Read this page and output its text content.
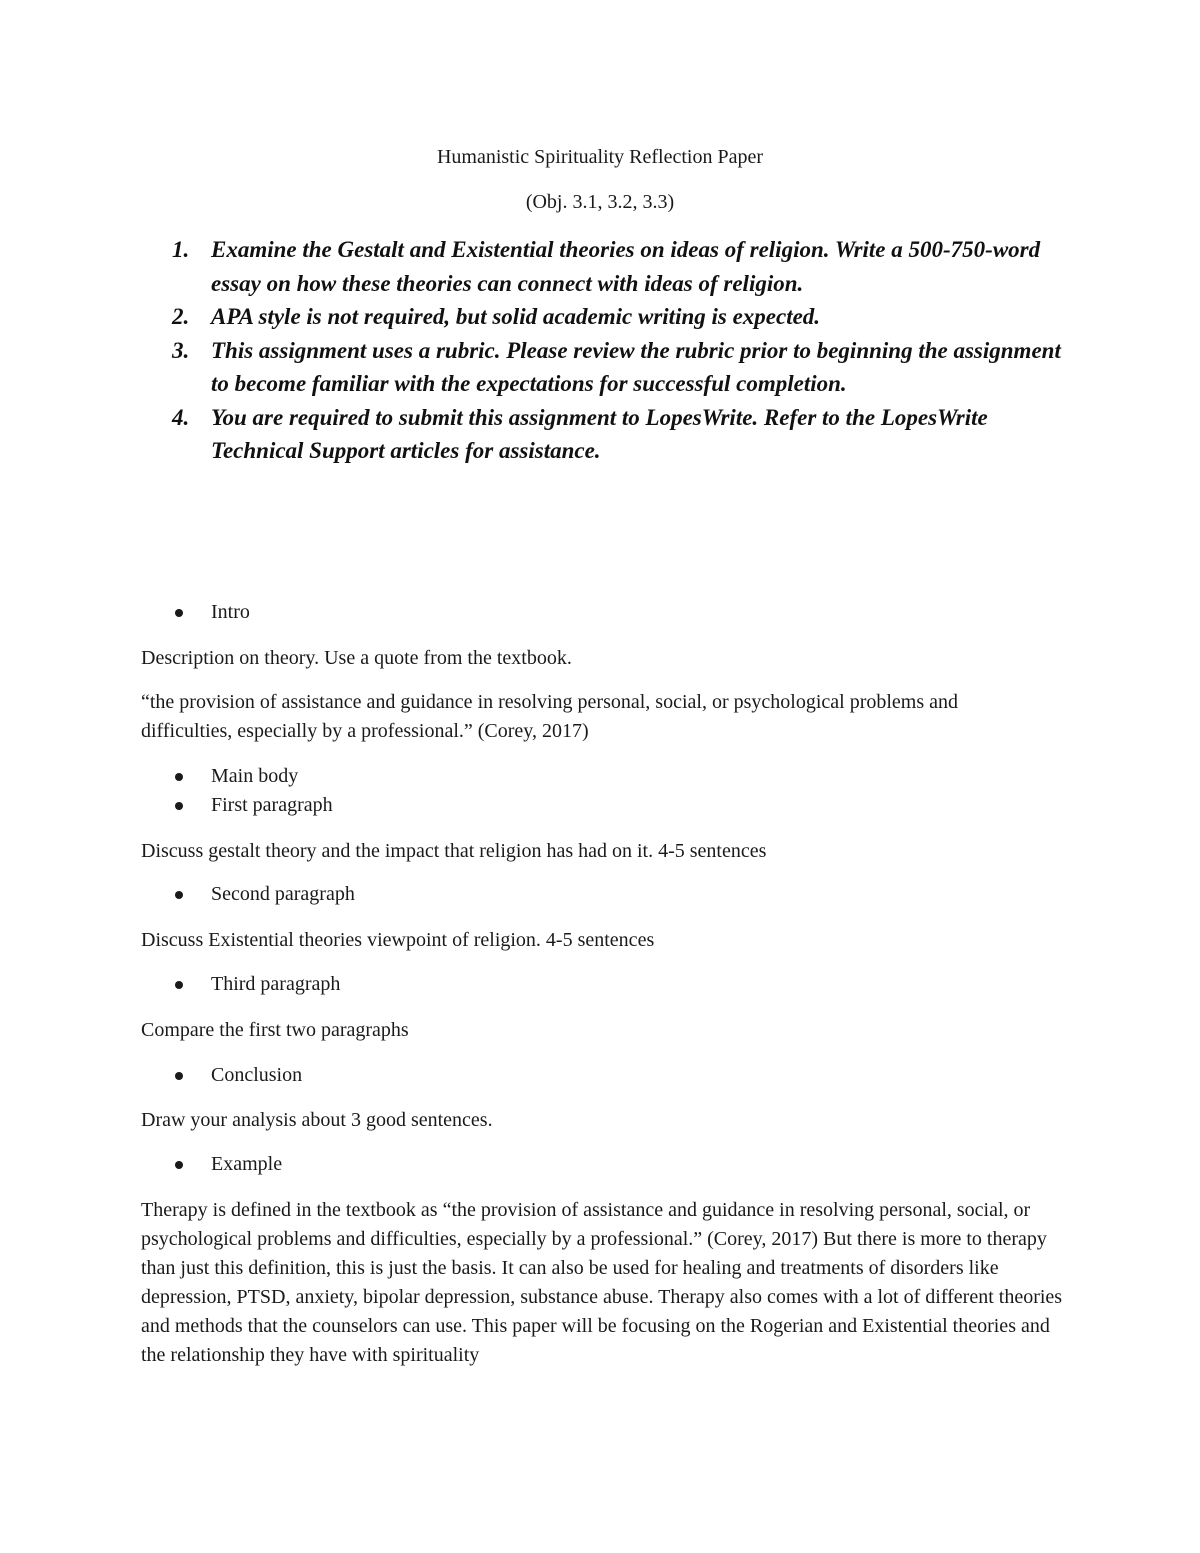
Humanistic Spirituality Reflection Paper
(Obj. 3.1, 3.2, 3.3)
1. Examine the Gestalt and Existential theories on ideas of religion. Write a 500-750-word essay on how these theories can connect with ideas of religion.
2. APA style is not required, but solid academic writing is expected.
3. This assignment uses a rubric. Please review the rubric prior to beginning the assignment to become familiar with the expectations for successful completion.
4. You are required to submit this assignment to LopesWrite. Refer to the LopesWrite Technical Support articles for assistance.
Intro
Description on theory. Use a quote from the textbook.
“the provision of assistance and guidance in resolving personal, social, or psychological problems and difficulties, especially by a professional.” (Corey, 2017)
Main body
First paragraph
Discuss gestalt theory and the impact that religion has had on it. 4-5 sentences
Second paragraph
Discuss Existential theories viewpoint of religion. 4-5 sentences
Third paragraph
Compare the first two paragraphs
Conclusion
Draw your analysis about 3 good sentences.
Example
Therapy is defined in the textbook as “the provision of assistance and guidance in resolving personal, social, or psychological problems and difficulties, especially by a professional.” (Corey, 2017) But there is more to therapy than just this definition, this is just the basis. It can also be used for healing and treatments of disorders like depression, PTSD, anxiety, bipolar depression, substance abuse. Therapy also comes with a lot of different theories and methods that the counselors can use. This paper will be focusing on the Rogerian and Existential theories and the relationship they have with spirituality
